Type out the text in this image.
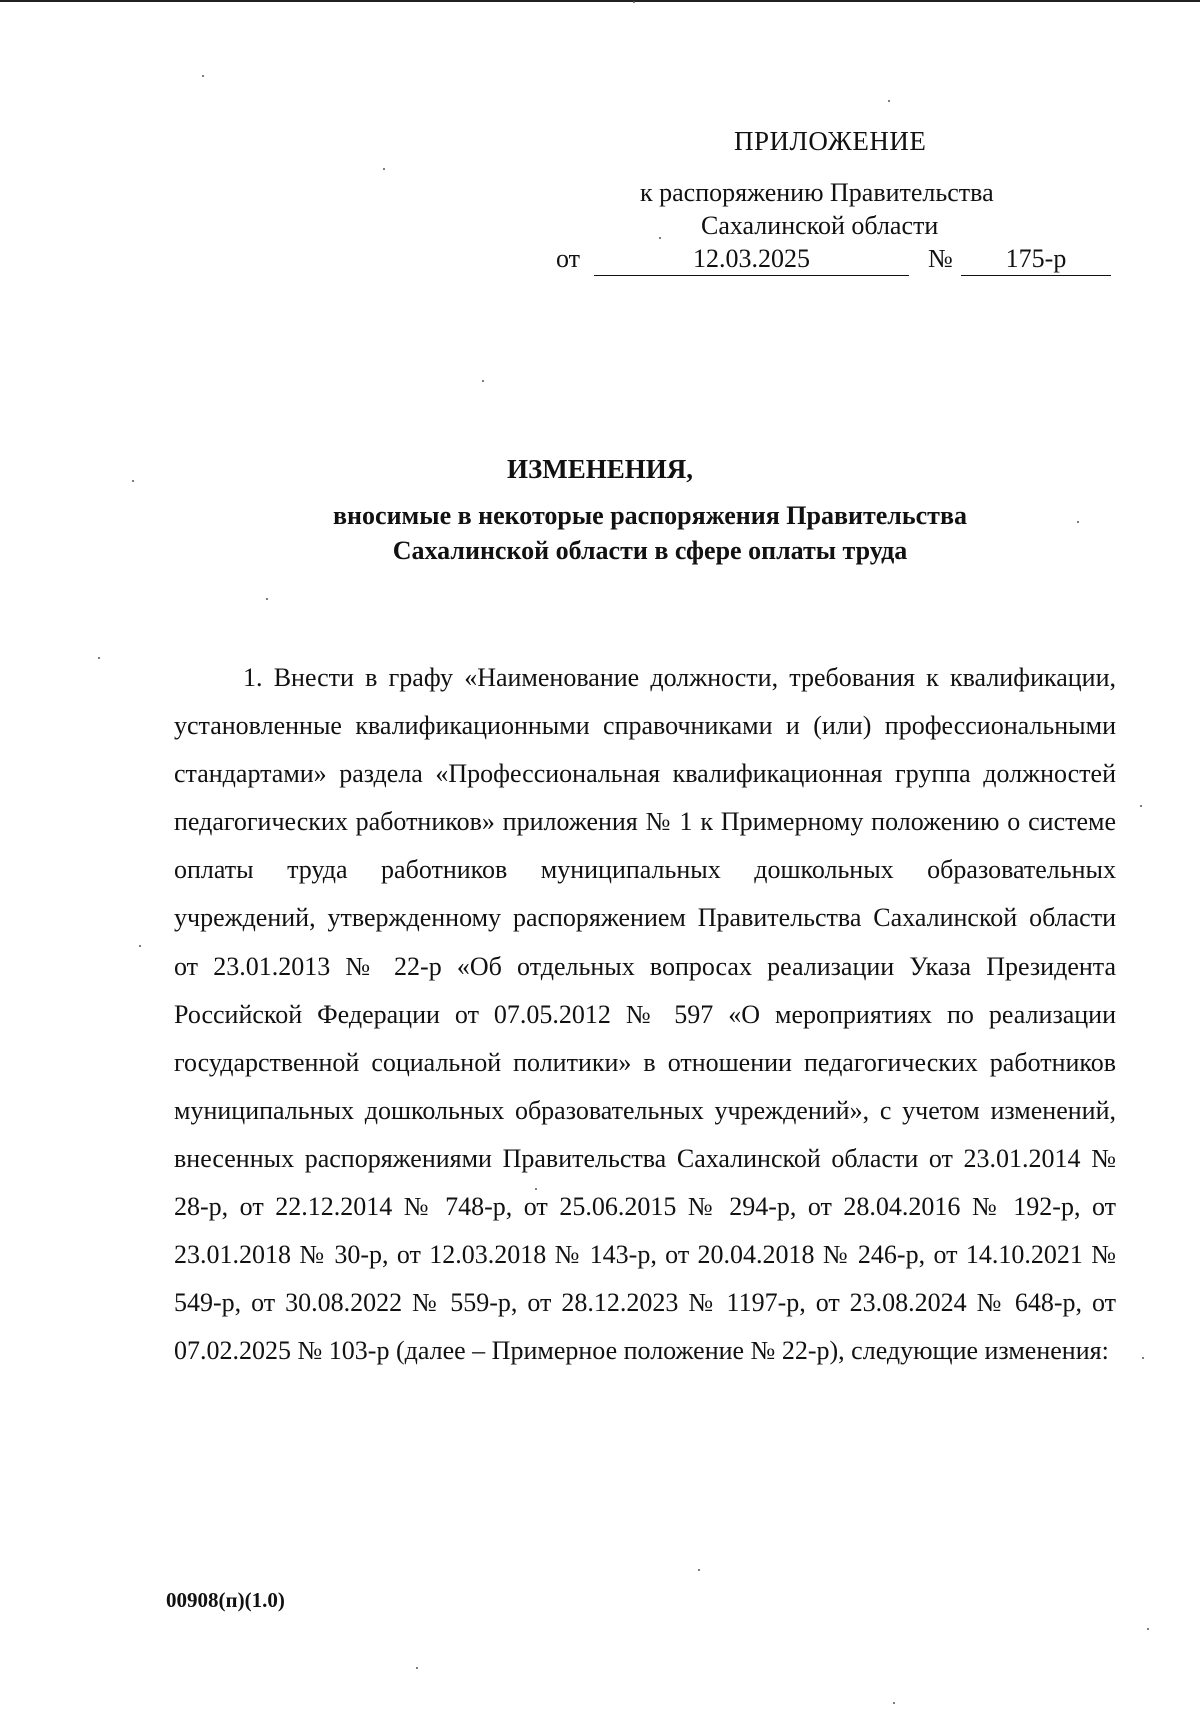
ПРИЛОЖЕНИЕ
к распоряжению Правительства
Сахалинской области
от	12.03.2025	№	175-р
ИЗМЕНЕНИЯ,
вносимые в некоторые распоряжения Правительства
Сахалинской области в сфере оплаты труда

1. Внести в графу «Наименование должности, требования к квалификации, установленные квалификационными справочниками и (или) профессиональными стандартами» раздела «Профессиональная квалификационная группа должностей педагогических работников» приложения № 1 к Примерному положению о системе оплаты труда работников муниципальных дошкольных образовательных учреждений, утвержденному распоряжением Правительства Сахалинской области от 23.01.2013 № 22-р «Об отдельных вопросах реализации Указа Президента Российской Федерации от 07.05.2012 № 597 «О мероприятиях по реализации государственной социальной политики» в отношении педагогических работников муниципальных дошкольных образовательных учреждений», с учетом изменений, внесенных распоряжениями Правительства Сахалинской области от 23.01.2014 № 28-р, от 22.12.2014 № 748-р, от 25.06.2015 № 294-р, от 28.04.2016 № 192-р, от 23.01.2018 № 30-р, от 12.03.2018 № 143-р, от 20.04.2018 № 246-р, от 14.10.2021 № 549-р, от 30.08.2022 № 559-р, от 28.12.2023 № 1197-р, от 23.08.2024 № 648-р, от 07.02.2025 № 103-р (далее – Примерное положение № 22-р), следующие изменения:

00908(п)(1.0)
